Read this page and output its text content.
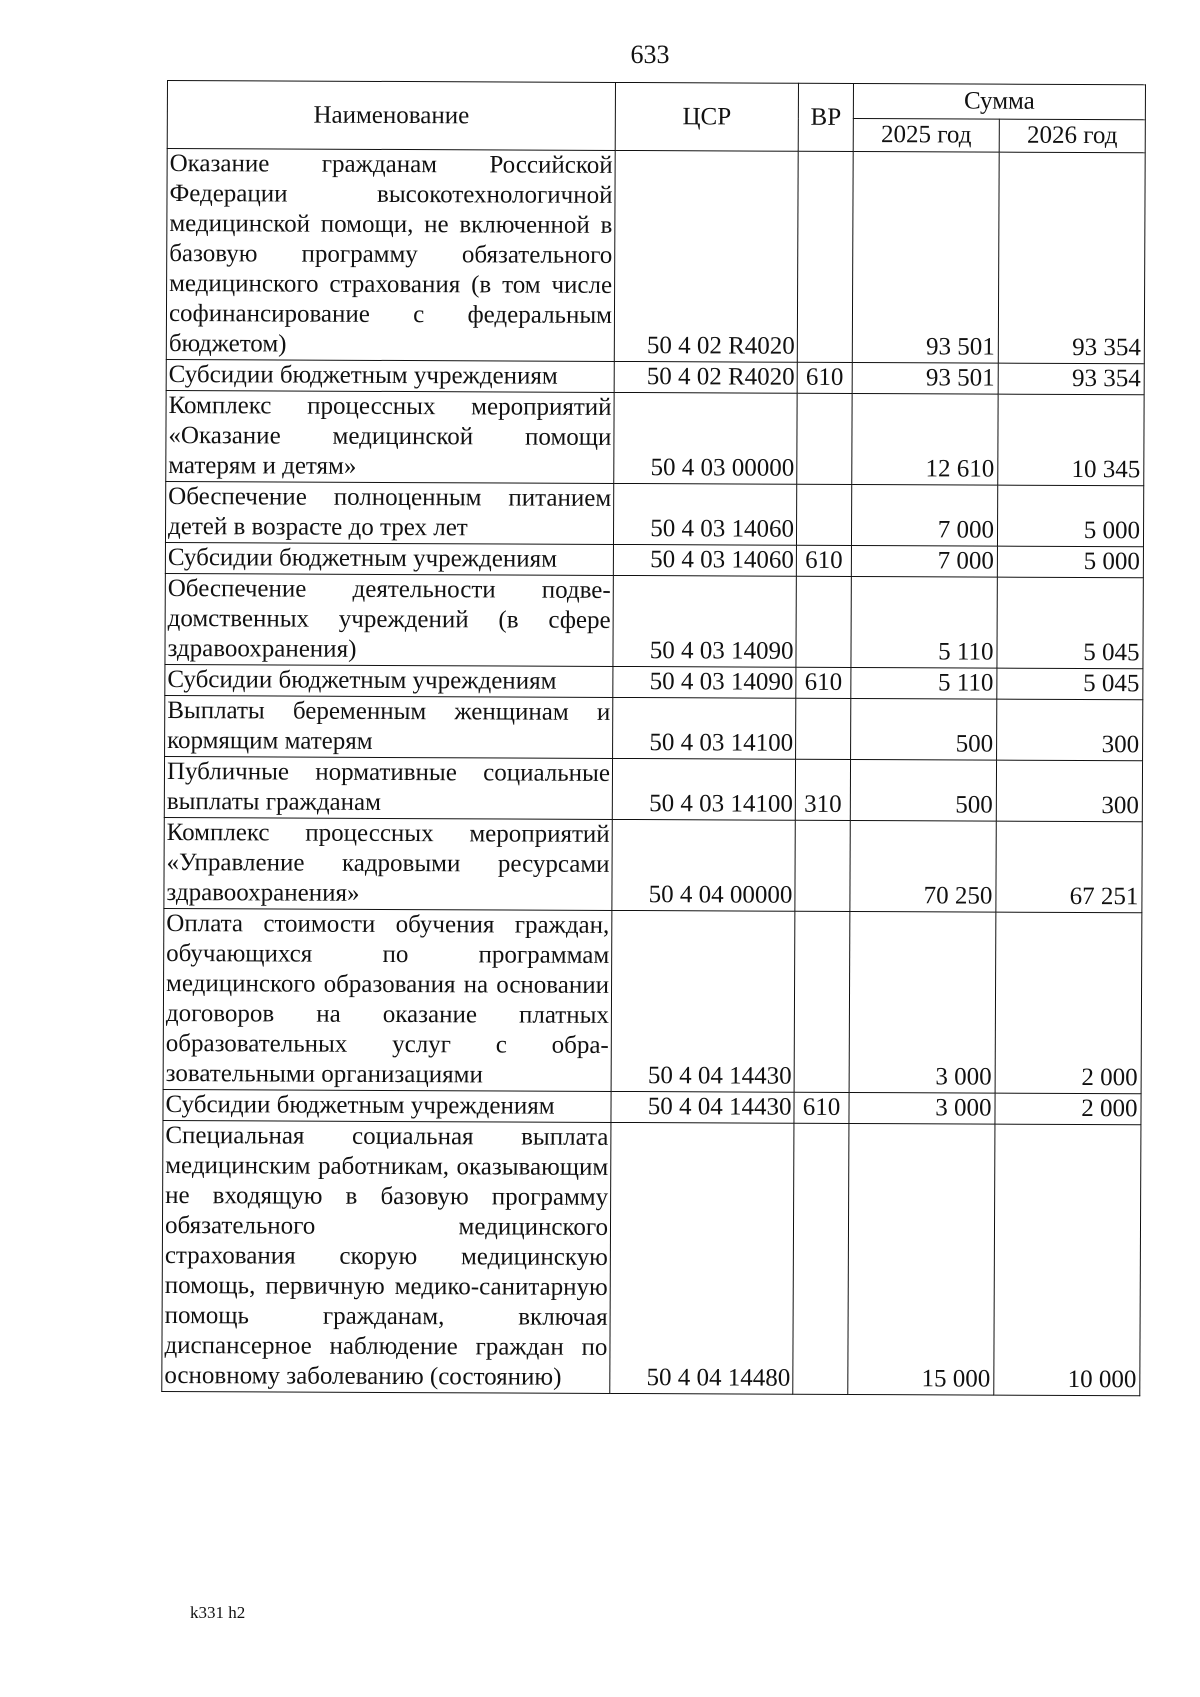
633
Наименование	ЦСР	ВР	Сумма	
			2025 год	2026 год
Оказание гражданам Российской Федерации высокотехнологичной медицинской помощи, не включенной в базовую программу обязательного медицинского страхования (в том числе софинансирование с федеральным бюджетом)	50 4 02 R4020		93 501	93 354
Субсидии бюджетным учреждениям	50 4 02 R4020	610	93 501	93 354
Комплекс процессных мероприятий «Оказание медицинской помощи матерям и детям»	50 4 03 00000		12 610	10 345
Обеспечение полноценным питанием детей в возрасте до трех лет	50 4 03 14060		7 000	5 000
Субсидии бюджетным учреждениям	50 4 03 14060	610	7 000	5 000
Обеспечение деятельности подведомственных учреждений (в сфере здравоохранения)	50 4 03 14090		5 110	5 045
Субсидии бюджетным учреждениям	50 4 03 14090	610	5 110	5 045
Выплаты беременным женщинам и кормящим матерям	50 4 03 14100		500	300
Публичные нормативные социальные выплаты гражданам	50 4 03 14100	310	500	300
Комплекс процессных мероприятий «Управление кадровыми ресурсами здравоохранения»	50 4 04 00000		70 250	67 251
Оплата стоимости обучения граждан, обучающихся по программам медицинского образования на основании договоров на оказание платных образовательных услуг с образовательными организациями	50 4 04 14430		3 000	2 000
Субсидии бюджетным учреждениям	50 4 04 14430	610	3 000	2 000
Специальная социальная выплата медицинским работникам, оказывающим не входящую в базовую программу обязательного медицинского страхования скорую медицинскую помощь, первичную медико-санитарную помощь гражданам, включая диспансерное наблюдение граждан по основному заболеванию (состоянию)	50 4 04 14480		15 000	10 000
k331 h2
